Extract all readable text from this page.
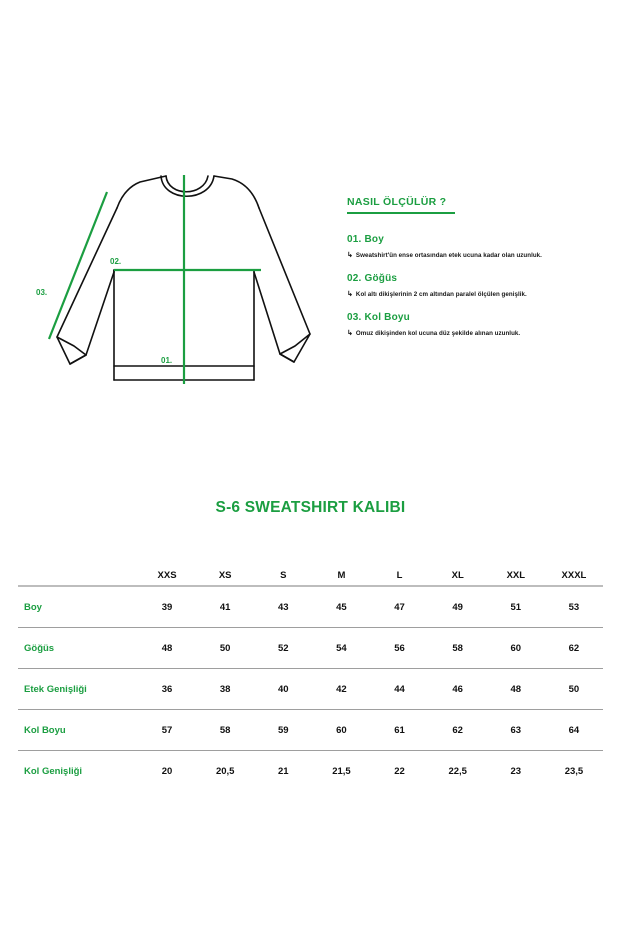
02.
03.
01.
NASIL ÖLÇÜLÜR ?
01. Boy
↳ Sweatshirt'ün ense ortasından etek ucuna kadar olan uzunluk.
02. Göğüs
↳ Kol altı dikişlerinin 2 cm altından paralel ölçülen genişlik.
03. Kol Boyu
↳ Omuz dikişinden kol ucuna düz şekilde alınan uzunluk.
S-6 SWEATSHIRT KALIBI
	XXS	XS	S	M	L	XL	XXL	XXXL
Boy	39	41	43	45	47	49	51	53
Göğüs	48	50	52	54	56	58	60	62
Etek Genişliği	36	38	40	42	44	46	48	50
Kol Boyu	57	58	59	60	61	62	63	64
Kol Genişliği	20	20,5	21	21,5	22	22,5	23	23,5
